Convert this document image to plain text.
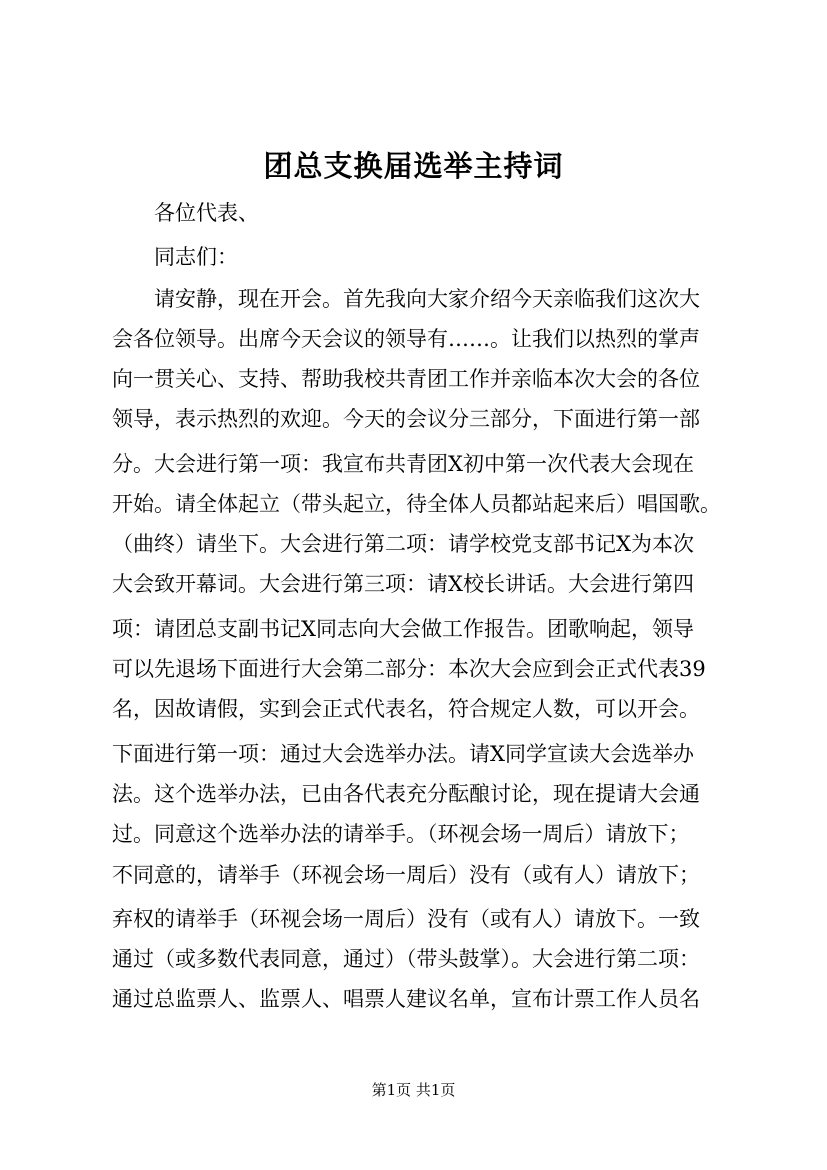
团总支换届选举主持词

各位代表、

同志们：

请安静，现在开会。首先我向大家介绍今天亲临我们这次大

会各位领导。出席今天会议的领导有……。让我们以热烈的掌声

向一贯关心、支持、帮助我校共青团工作并亲临本次大会的各位

领导，表示热烈的欢迎。今天的会议分三部分，下面进行第一部

分。大会进行第一项：我宣布共青团X初中第一次代表大会现在

开始。请全体起立（带头起立，待全体人员都站起来后）唱国歌。

（曲终）请坐下。大会进行第二项：请学校党支部书记X为本次

大会致开幕词。大会进行第三项：请X校长讲话。大会进行第四

项：请团总支副书记X同志向大会做工作报告。团歌响起，领导

可以先退场下面进行大会第二部分：本次大会应到会正式代表39

名，因故请假，实到会正式代表名，符合规定人数，可以开会。

下面进行第一项：通过大会选举办法。请X同学宣读大会选举办

法。这个选举办法，已由各代表充分酝酿讨论，现在提请大会通

过。同意这个选举办法的请举手。（环视会场一周后）请放下；

不同意的，请举手（环视会场一周后）没有（或有人）请放下；

弃权的请举手（环视会场一周后）没有（或有人）请放下。一致

通过（或多数代表同意，通过）（带头鼓掌）。大会进行第二项：

通过总监票人、监票人、唱票人建议名单，宣布计票工作人员名

第1页 共1页
